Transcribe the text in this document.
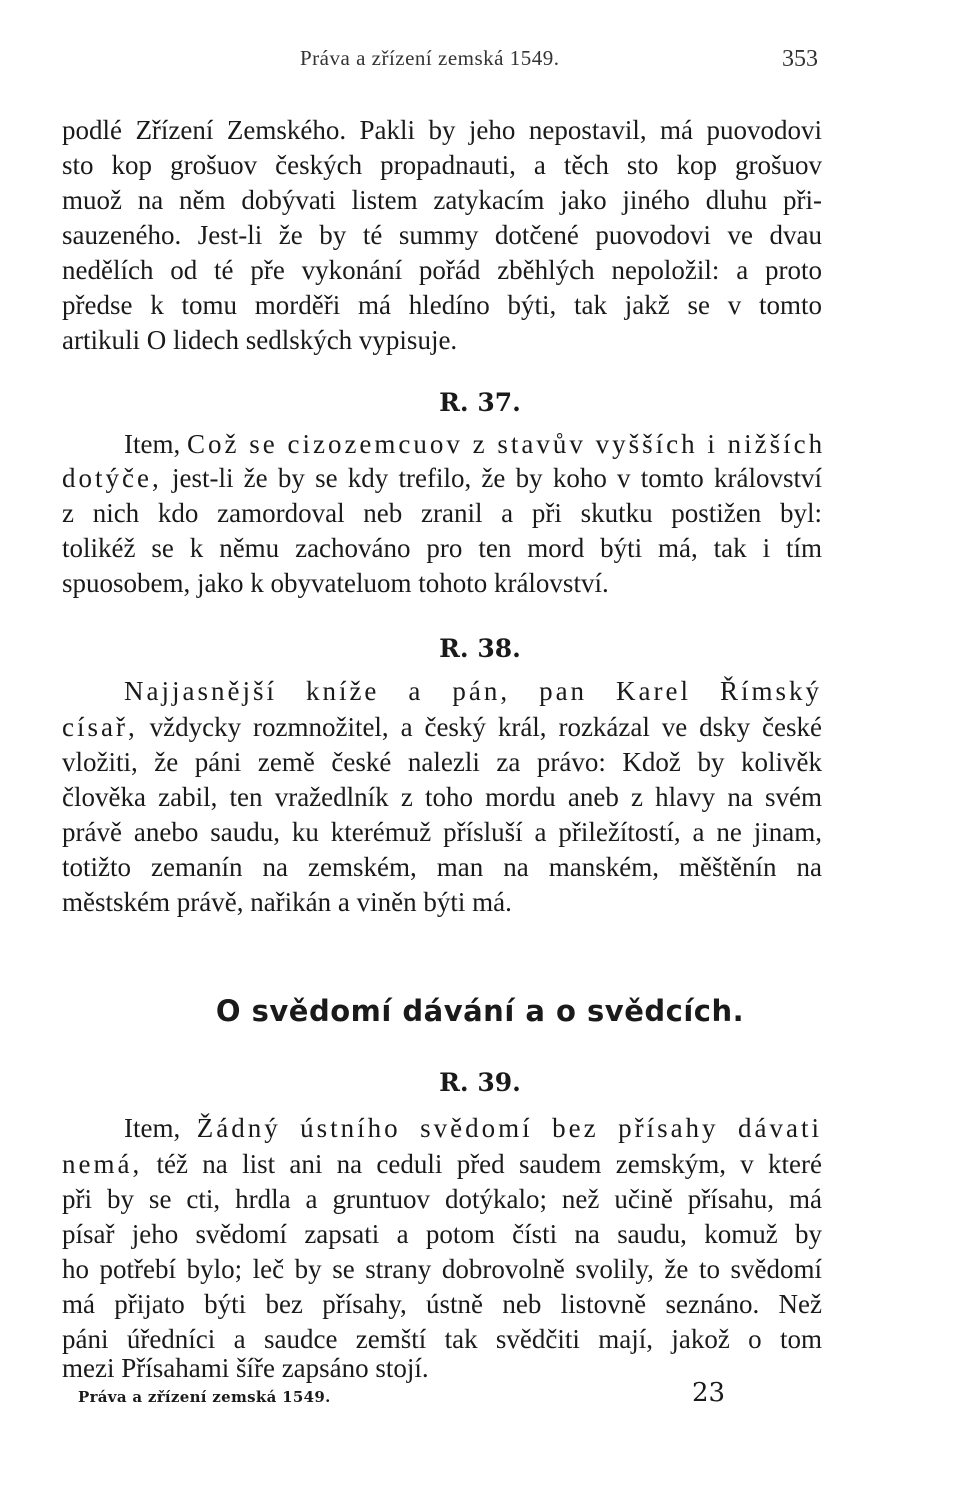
Práva a zřízení zemská 1549.	353
podlé Zřízení Zemského. Pakli by jeho nepostavil, má puovodovi
sto kop grošuov českých propadnauti, a těch sto kop grošuov
muož na něm dobývati listem zatykacím jako jiného dluhu při-
sauzeného. Jest-li že by té summy dotčené puovodovi ve dvau
nedělích od té pře vykonání pořád zběhlých nepoložil: a proto
předse k tomu morděři má hledíno býti, tak jakž se v tomto
artikuli O lidech sedlských vypisuje.
R. 37.
Item, Což se cizozemcuov z stavův vyšších i nižších
dotýče, jest-li že by se kdy trefilo, že by koho v tomto království
z nich kdo zamordoval neb zranil a při skutku postižen byl:
tolikéž se k němu zachováno pro ten mord býti má, tak i tím
spuosobem, jako k obyvateluom tohoto království.
R. 38.
Najjasnější kníže a pán, pan Karel Římský
císař, vždycky rozmnožitel, a český král, rozkázal ve dsky české
vložiti, že páni země české nalezli za právo: Kdož by kolivěk
člověka zabil, ten vražedlník z toho mordu aneb z hlavy na svém
právě anebo saudu, ku kterémuž přísluší a přiležítostí, a ne jinam,
totižto zemanín na zemském, man na manském, měštěnín na
městském právě, nařikán a viněn býti má.
O svědomí dávání a o svědcích.
R. 39.
Item, Žádný ústního svědomí bez přísahy dávati
nemá, též na list ani na ceduli před saudem zemským, v které
při by se cti, hrdla a gruntuov dotýkalo; než učině přísahu, má
písař jeho svědomí zapsati a potom čísti na saudu, komuž by
ho potřebí bylo; leč by se strany dobrovolně svolily, že to svědomí
má přijato býti bez přísahy, ústně neb listovně seznáno. Než
páni úředníci a saudce zemští tak svědčiti mají, jakož o tom
mezi Přísahami šíře zapsáno stojí.
Práva a zřízení zemská 1549.	23
